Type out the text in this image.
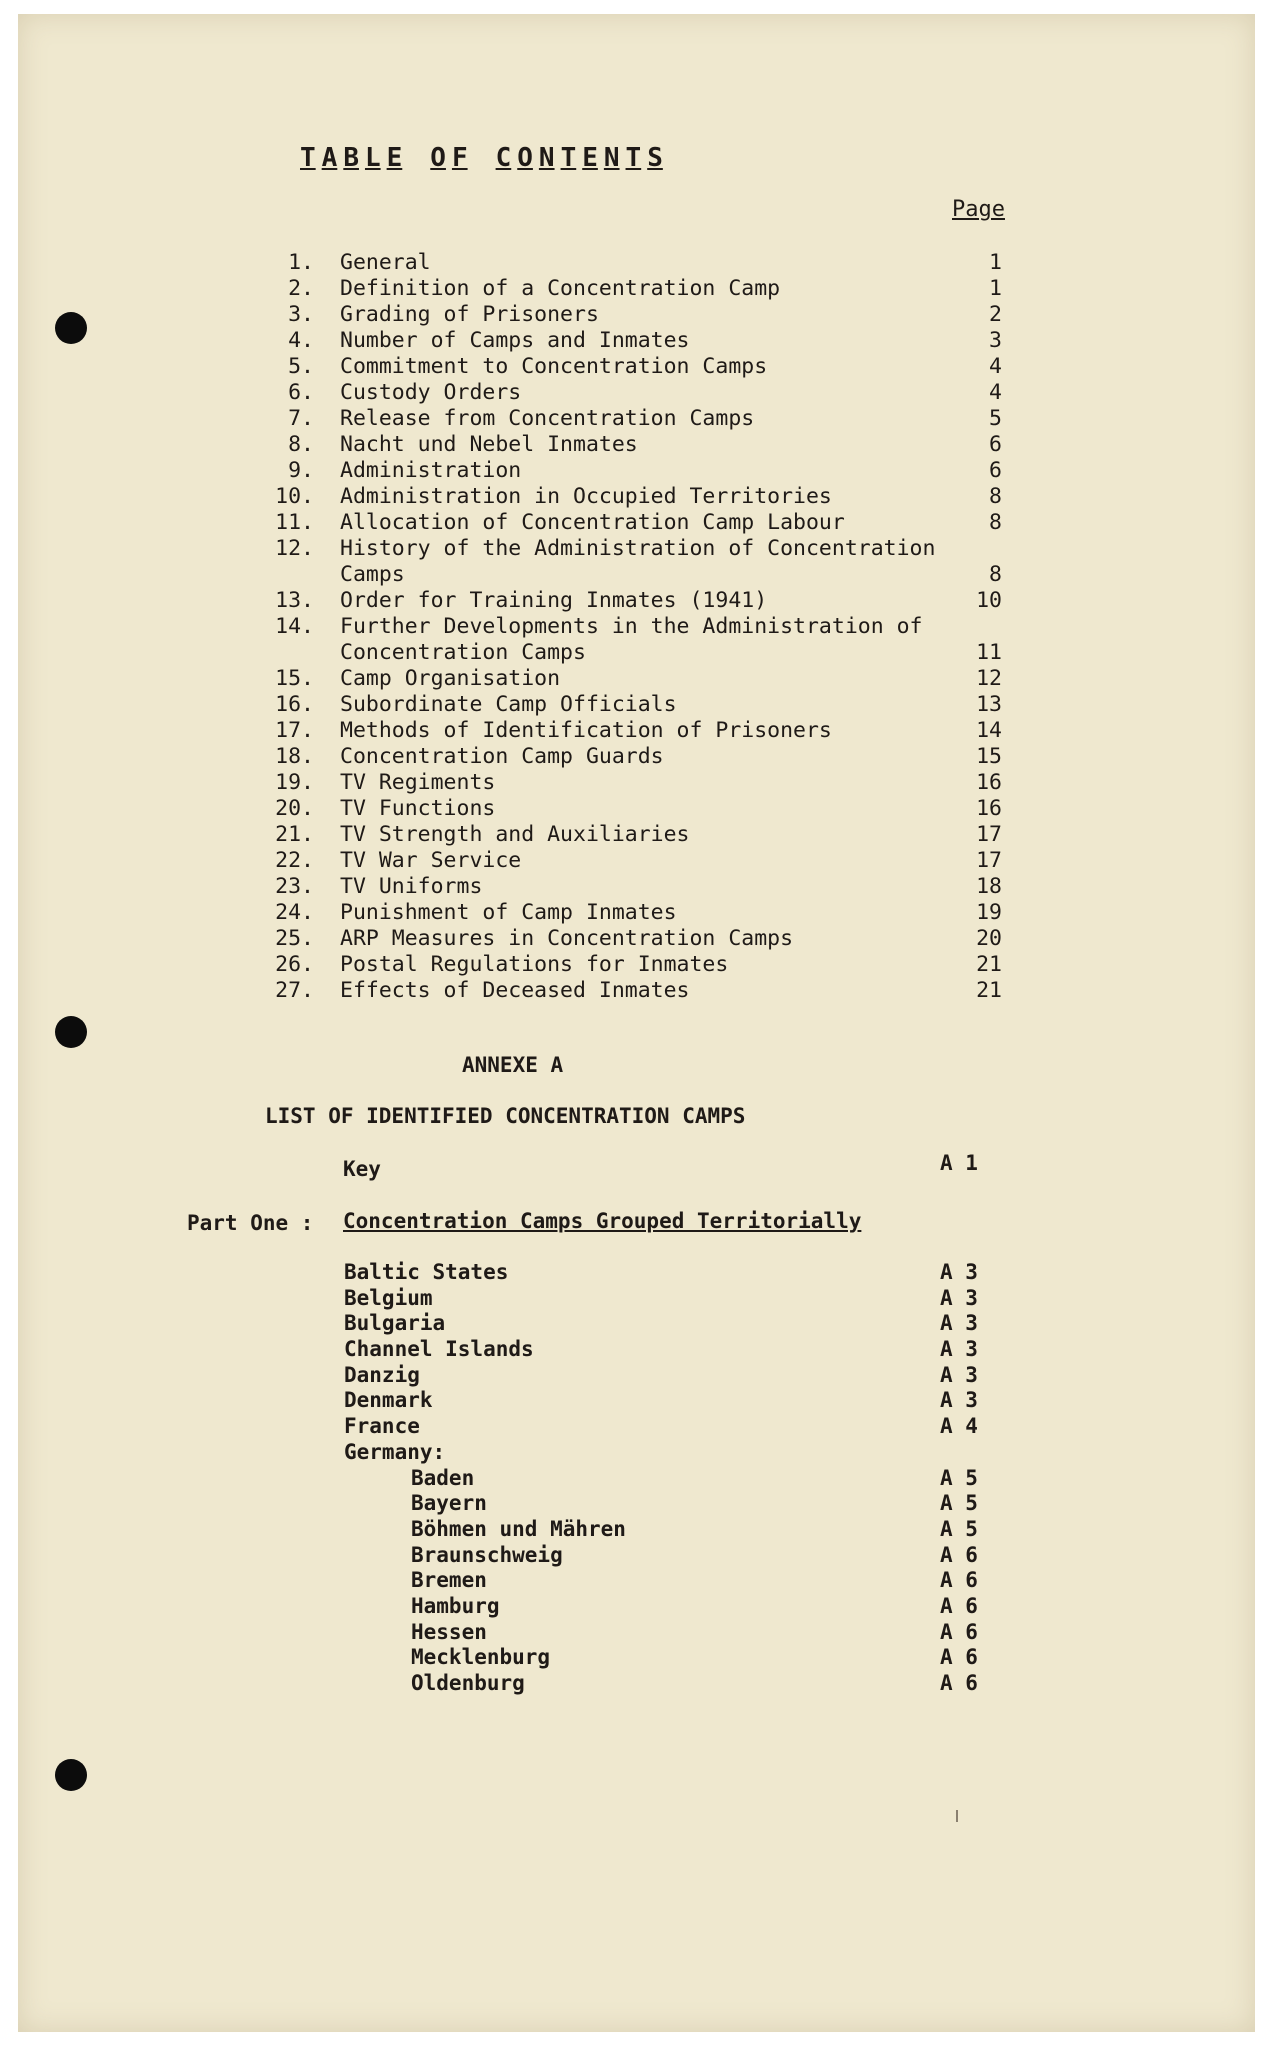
T A B L E O F C O N T E N T S
Page
1. General	1
2. Definition of a Concentration Camp	1
3. Grading of Prisoners	2
4. Number of Camps and Inmates	3
5. Commitment to Concentration Camps	4
6. Custody Orders	4
7. Release from Concentration Camps	5
8. Nacht und Nebel Inmates	6
9. Administration	6
10. Administration in Occupied Territories	8
11. Allocation of Concentration Camp Labour	8
12. History of the Administration of Concentration
Camps	8
13. Order for Training Inmates (1941)	10
14. Further Developments in the Administration of
Concentration Camps	11
15. Camp Organisation	12
16. Subordinate Camp Officials	13
17. Methods of Identification of Prisoners	14
18. Concentration Camp Guards	15
19. TV Regiments	16
20. TV Functions	16
21. TV Strength and Auxiliaries	17
22. TV War Service	17
23. TV Uniforms	18
24. Punishment of Camp Inmates	19
25. ARP Measures in Concentration Camps	20
26. Postal Regulations for Inmates	21
27. Effects of Deceased Inmates	21
ANNEXE A
LIST OF IDENTIFIED CONCENTRATION CAMPS
Key	A 1
Part One : Concentration Camps Grouped Territorially
Baltic States	A 3
Belgium	A 3
Bulgaria	A 3
Channel Islands	A 3
Danzig	A 3
Denmark	A 3
France	A 4
Germany:
Baden	A 5
Bayern	A 5
Böhmen und Mähren	A 5
Braunschweig	A 6
Bremen	A 6
Hamburg	A 6
Hessen	A 6
Mecklenburg	A 6
Oldenburg	A 6
